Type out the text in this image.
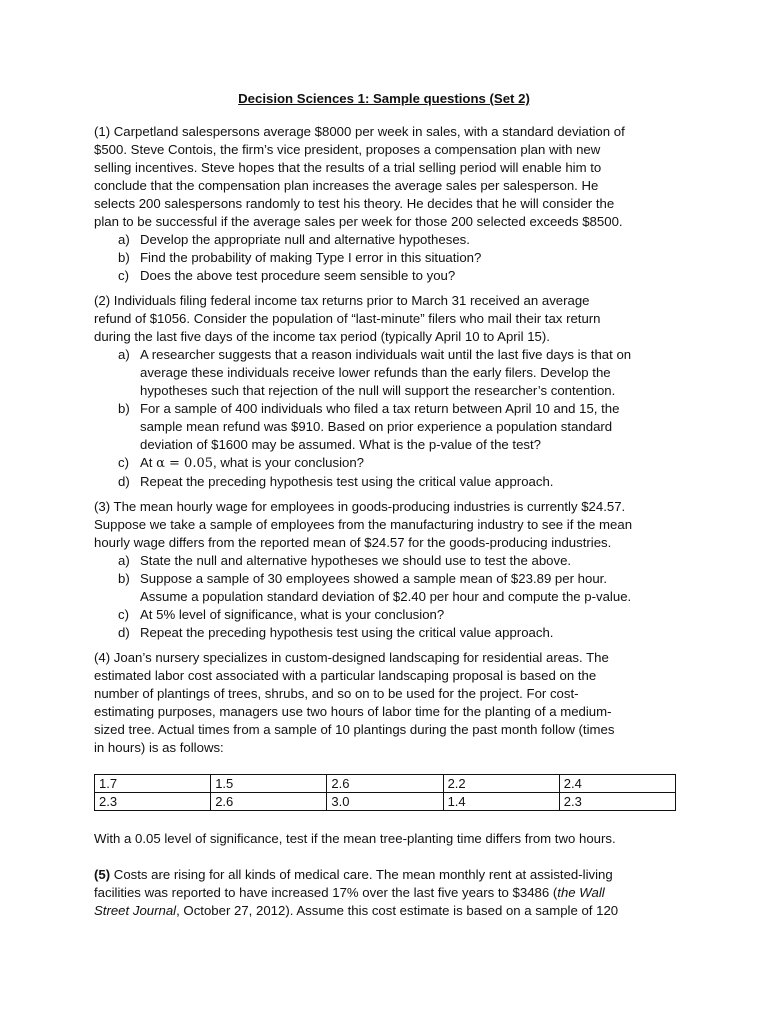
Decision Sciences 1: Sample questions (Set 2)

(1) Carpetland salespersons average $8000 per week in sales, with a standard deviation of
$500. Steve Contois, the firm’s vice president, proposes a compensation plan with new
selling incentives. Steve hopes that the results of a trial selling period will enable him to
conclude that the compensation plan increases the average sales per salesperson. He
selects 200 salespersons randomly to test his theory. He decides that he will consider the
plan to be successful if the average sales per week for those 200 selected exceeds $8500.

a) Develop the appropriate null and alternative hypotheses.
b) Find the probability of making Type I error in this situation?
c) Does the above test procedure seem sensible to you?

(2) Individuals filing federal income tax returns prior to March 31 received an average
refund of $1056. Consider the population of “last-minute” filers who mail their tax return
during the last five days of the income tax period (typically April 10 to April 15).

a) A researcher suggests that a reason individuals wait until the last five days is that on
average these individuals receive lower refunds than the early filers. Develop the
hypotheses such that rejection of the null will support the researcher’s contention.
b) For a sample of 400 individuals who filed a tax return between April 10 and 15, the
sample mean refund was $910. Based on prior experience a population standard
deviation of $1600 may be assumed. What is the p-value of the test?
c) At α = 0.05, what is your conclusion?
d) Repeat the preceding hypothesis test using the critical value approach.

(3) The mean hourly wage for employees in goods-producing industries is currently $24.57.
Suppose we take a sample of employees from the manufacturing industry to see if the mean
hourly wage differs from the reported mean of $24.57 for the goods-producing industries.

a) State the null and alternative hypotheses we should use to test the above.
b) Suppose a sample of 30 employees showed a sample mean of $23.89 per hour.
Assume a population standard deviation of $2.40 per hour and compute the p-value.
c) At 5% level of significance, what is your conclusion?
d) Repeat the preceding hypothesis test using the critical value approach.

(4) Joan’s nursery specializes in custom-designed landscaping for residential areas. The
estimated labor cost associated with a particular landscaping proposal is based on the
number of plantings of trees, shrubs, and so on to be used for the project. For cost-
estimating purposes, managers use two hours of labor time for the planting of a medium-
sized tree. Actual times from a sample of 10 plantings during the past month follow (times
in hours) is as follows:

1.7	1.5	2.6	2.2	2.4
2.3	2.6	3.0	1.4	2.3

With a 0.05 level of significance, test if the mean tree-planting time differs from two hours.

(5) Costs are rising for all kinds of medical care. The mean monthly rent at assisted-living
facilities was reported to have increased 17% over the last five years to $3486 (the Wall
Street Journal, October 27, 2012). Assume this cost estimate is based on a sample of 120
